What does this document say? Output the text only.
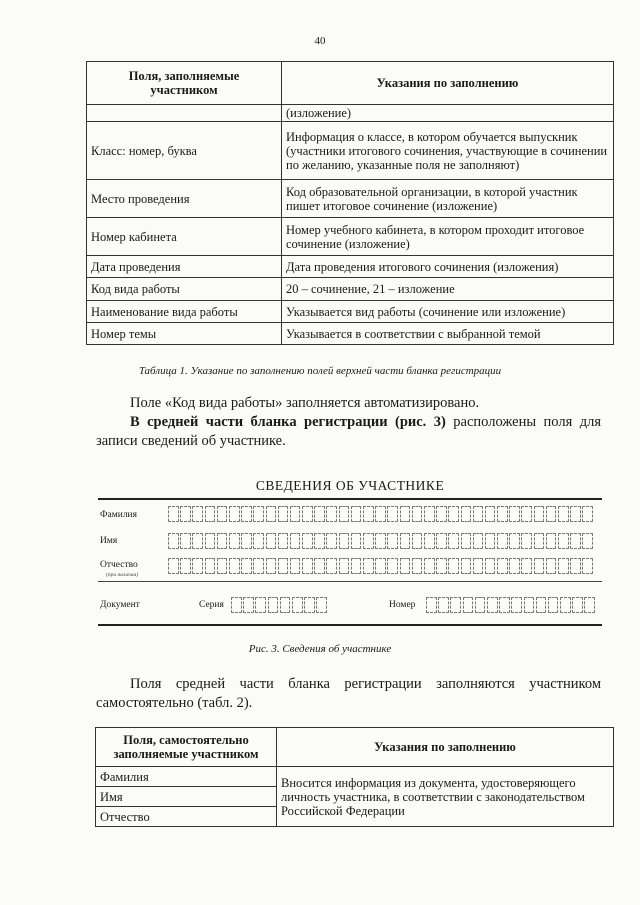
40
Поля, заполняемые
участником	Указания по заполнению
	(изложение)
Класс: номер, буква	Информация о классе, в котором обучается выпускник (участники итогового сочинения, участвующие в сочинении по желанию, указанные поля не заполняют)
Место проведения	Код образовательной организации, в которой участник пишет итоговое сочинение (изложение)
Номер кабинета	Номер учебного кабинета, в котором проходит итоговое сочинение (изложение)
Дата проведения	Дата проведения итогового сочинения (изложения)
Код вида работы	20 – сочинение, 21 – изложение
Наименование вида работы	Указывается вид работы (сочинение или изложение)
Номер темы	Указывается в соответствии с выбранной темой
Таблица 1. Указание по заполнению полей верхней части бланка регистрации
Поле «Код вида работы» заполняется автоматизировано.
В средней части бланка регистрации (рис. 3) расположены поля для записи сведений об участнике.
СВЕДЕНИЯ ОБ УЧАСТНИКЕ
Фамилия
Имя
Отчество
(при наличии)
Документ	Серия	Номер
Рис. 3. Сведения об участнике
Поля средней части бланка регистрации заполняются участником самостоятельно (табл. 2).
Поля, самостоятельно
заполняемые участником	Указания по заполнению
Фамилия	Вносится информация из документа, удостоверяющего личность участника, в соответствии с законодательством Российской Федерации
Имя	
Отчество	
